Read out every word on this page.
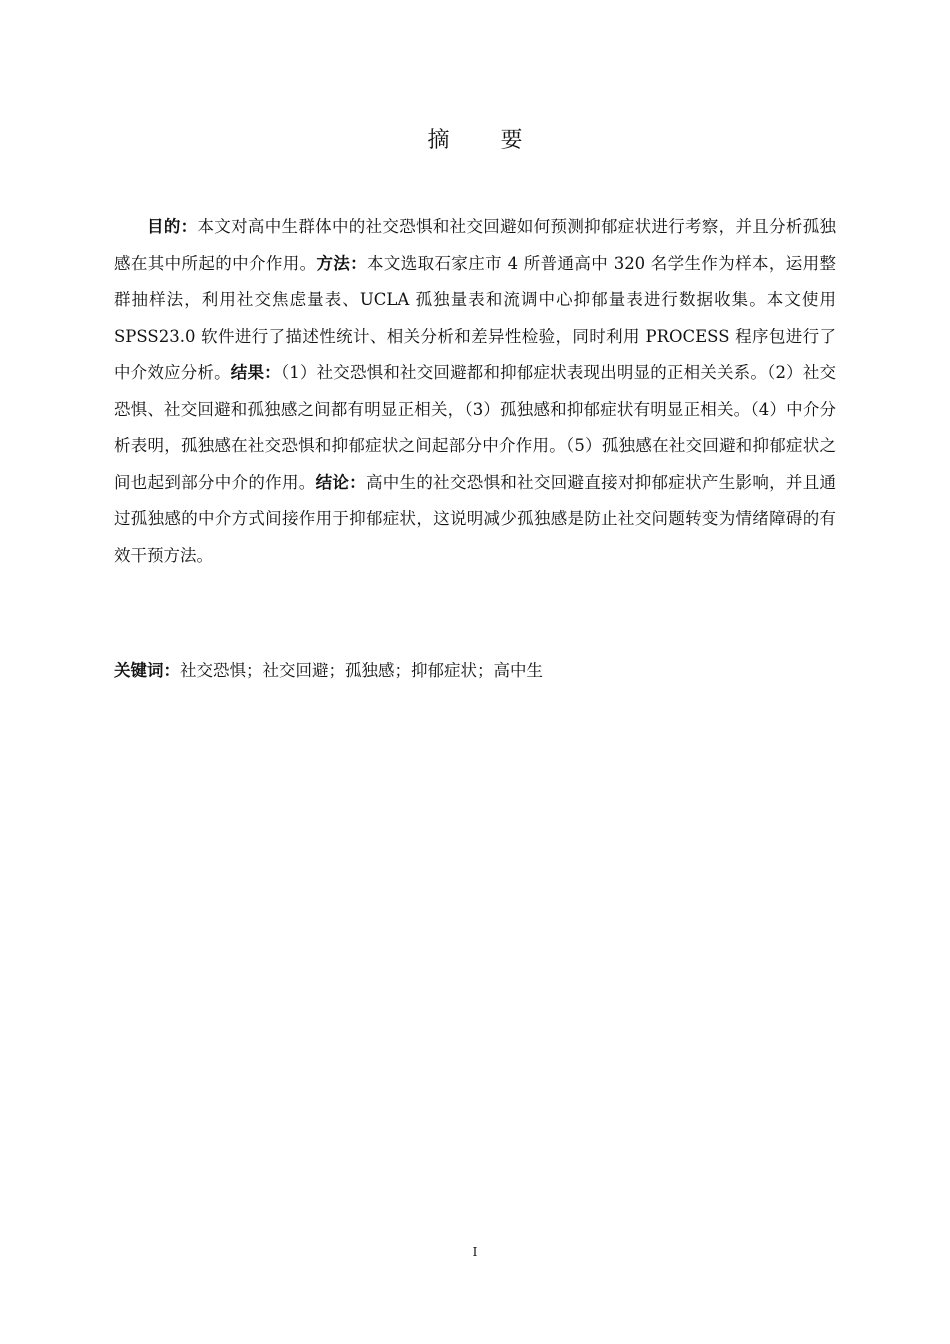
摘 要

目的：本文对高中生群体中的社交恐惧和社交回避如何预测抑郁症状进行考察，并且分析孤独感在其中所起的中介作用。方法：本文选取石家庄市 4 所普通高中 320 名学生作为样本，运用整群抽样法，利用社交焦虑量表、UCLA 孤独量表和流调中心抑郁量表进行数据收集。本文使用 SPSS23.0 软件进行了描述性统计、相关分析和差异性检验，同时利用 PROCESS 程序包进行了中介效应分析。结果：（1）社交恐惧和社交回避都和抑郁症状表现出明显的正相关关系。（2）社交恐惧、社交回避和孤独感之间都有明显正相关，（3）孤独感和抑郁症状有明显正相关。（4）中介分析表明，孤独感在社交恐惧和抑郁症状之间起部分中介作用。（5）孤独感在社交回避和抑郁症状之间也起到部分中介的作用。结论：高中生的社交恐惧和社交回避直接对抑郁症状产生影响，并且通过孤独感的中介方式间接作用于抑郁症状，这说明减少孤独感是防止社交问题转变为情绪障碍的有效干预方法。

关键词：社交恐惧；社交回避；孤独感；抑郁症状；高中生

I
